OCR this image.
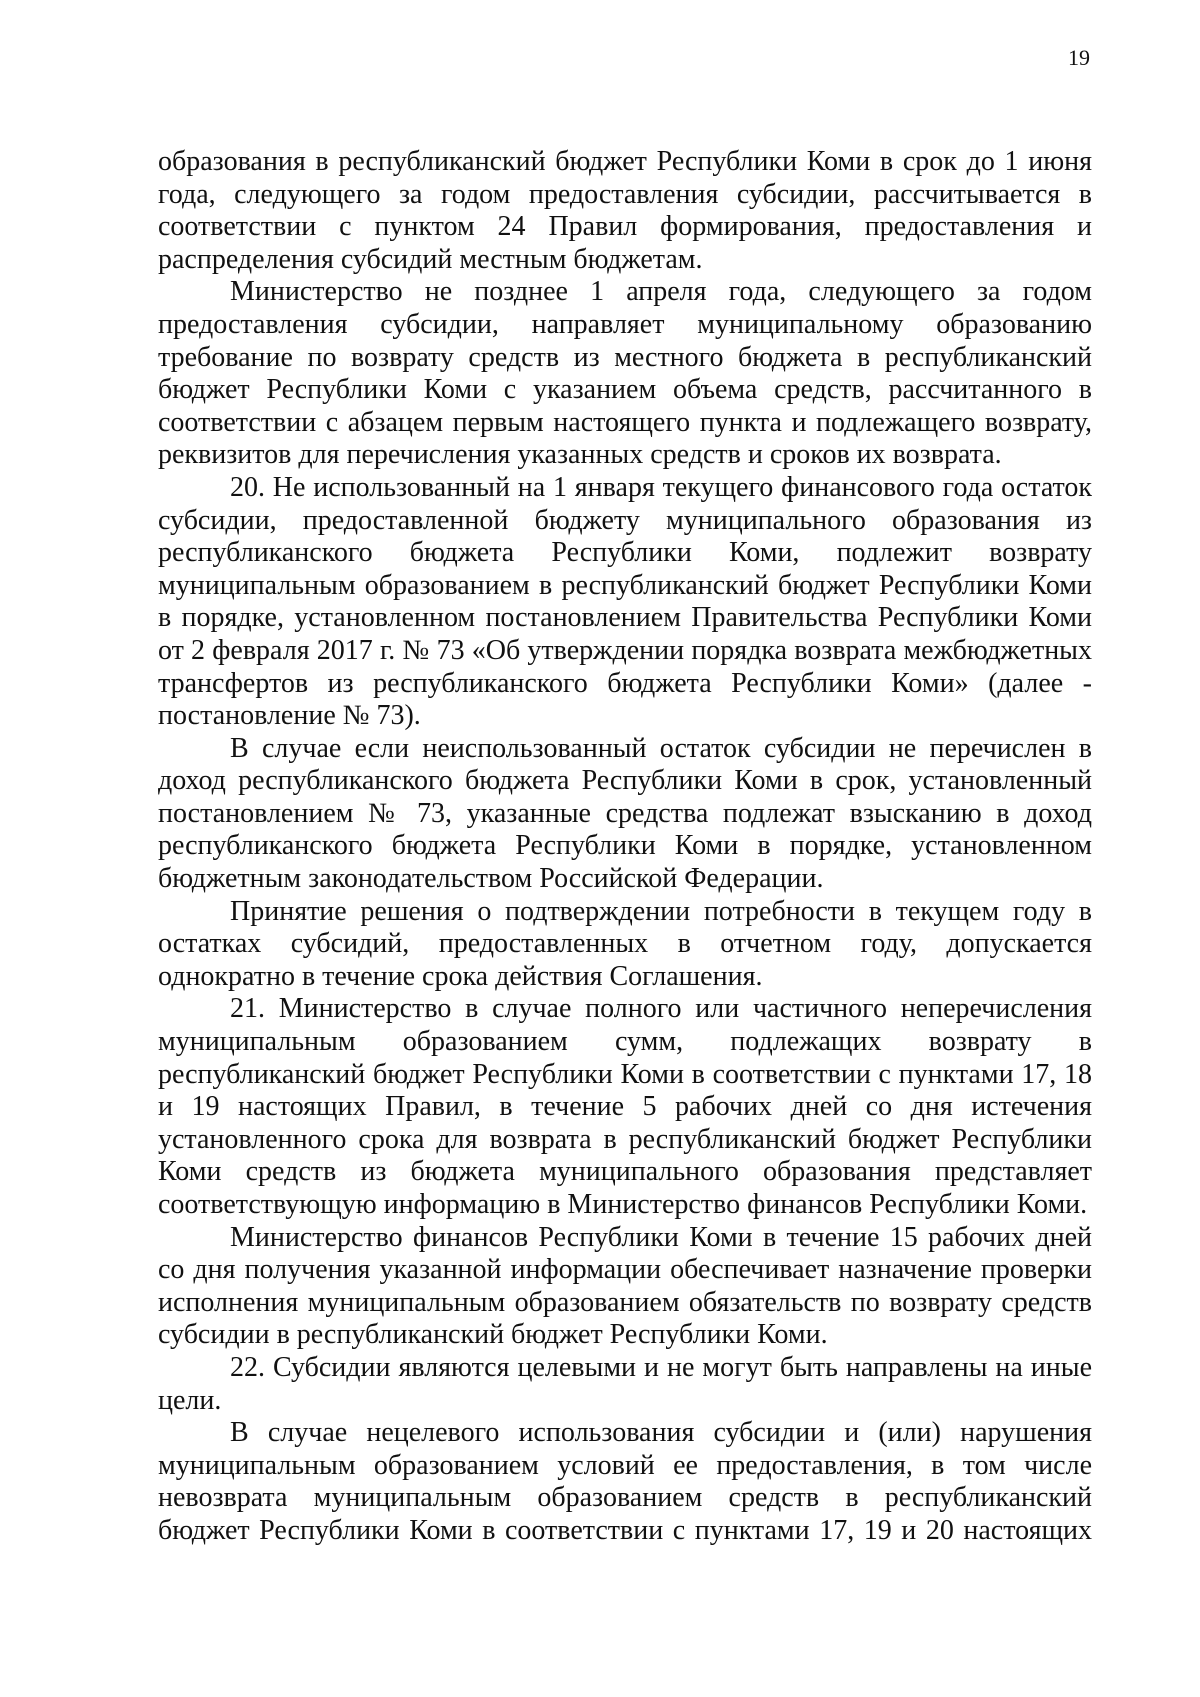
19

образования в республиканский бюджет Республики Коми в срок до 1 июня года, следующего за годом предоставления субсидии, рассчитывается в соответствии с пунктом 24 Правил формирования, предоставления и распределения субсидий местным бюджетам.

Министерство не позднее 1 апреля года, следующего за годом предоставления субсидии, направляет муниципальному образованию требование по возврату средств из местного бюджета в республиканский бюджет Республики Коми с указанием объема средств, рассчитанного в соответствии с абзацем первым настоящего пункта и подлежащего возврату, реквизитов для перечисления указанных средств и сроков их возврата.

20. Не использованный на 1 января текущего финансового года остаток субсидии, предоставленной бюджету муниципального образования из республиканского бюджета Республики Коми, подлежит возврату муниципальным образованием в республиканский бюджет Республики Коми в порядке, установленном постановлением Правительства Республики Коми от 2 февраля 2017 г. № 73 «Об утверждении порядка возврата межбюджетных трансфертов из республиканского бюджета Республики Коми» (далее - постановление № 73).

В случае если неиспользованный остаток субсидии не перечислен в доход республиканского бюджета Республики Коми в срок, установленный постановлением № 73, указанные средства подлежат взысканию в доход республиканского бюджета Республики Коми в порядке, установленном бюджетным законодательством Российской Федерации.

Принятие решения о подтверждении потребности в текущем году в остатках субсидий, предоставленных в отчетном году, допускается однократно в течение срока действия Соглашения.

21. Министерство в случае полного или частичного неперечисления муниципальным образованием сумм, подлежащих возврату в республиканский бюджет Республики Коми в соответствии с пунктами 17, 18 и 19 настоящих Правил, в течение 5 рабочих дней со дня истечения установленного срока для возврата в республиканский бюджет Республики Коми средств из бюджета муниципального образования представляет соответствующую информацию в Министерство финансов Республики Коми.

Министерство финансов Республики Коми в течение 15 рабочих дней со дня получения указанной информации обеспечивает назначение проверки исполнения муниципальным образованием обязательств по возврату средств субсидии в республиканский бюджет Республики Коми.

22. Субсидии являются целевыми и не могут быть направлены на иные цели.

В случае нецелевого использования субсидии и (или) нарушения муниципальным образованием условий ее предоставления, в том числе невозврата муниципальным образованием средств в республиканский бюджет Республики Коми в соответствии с пунктами 17, 19 и 20 настоящих
